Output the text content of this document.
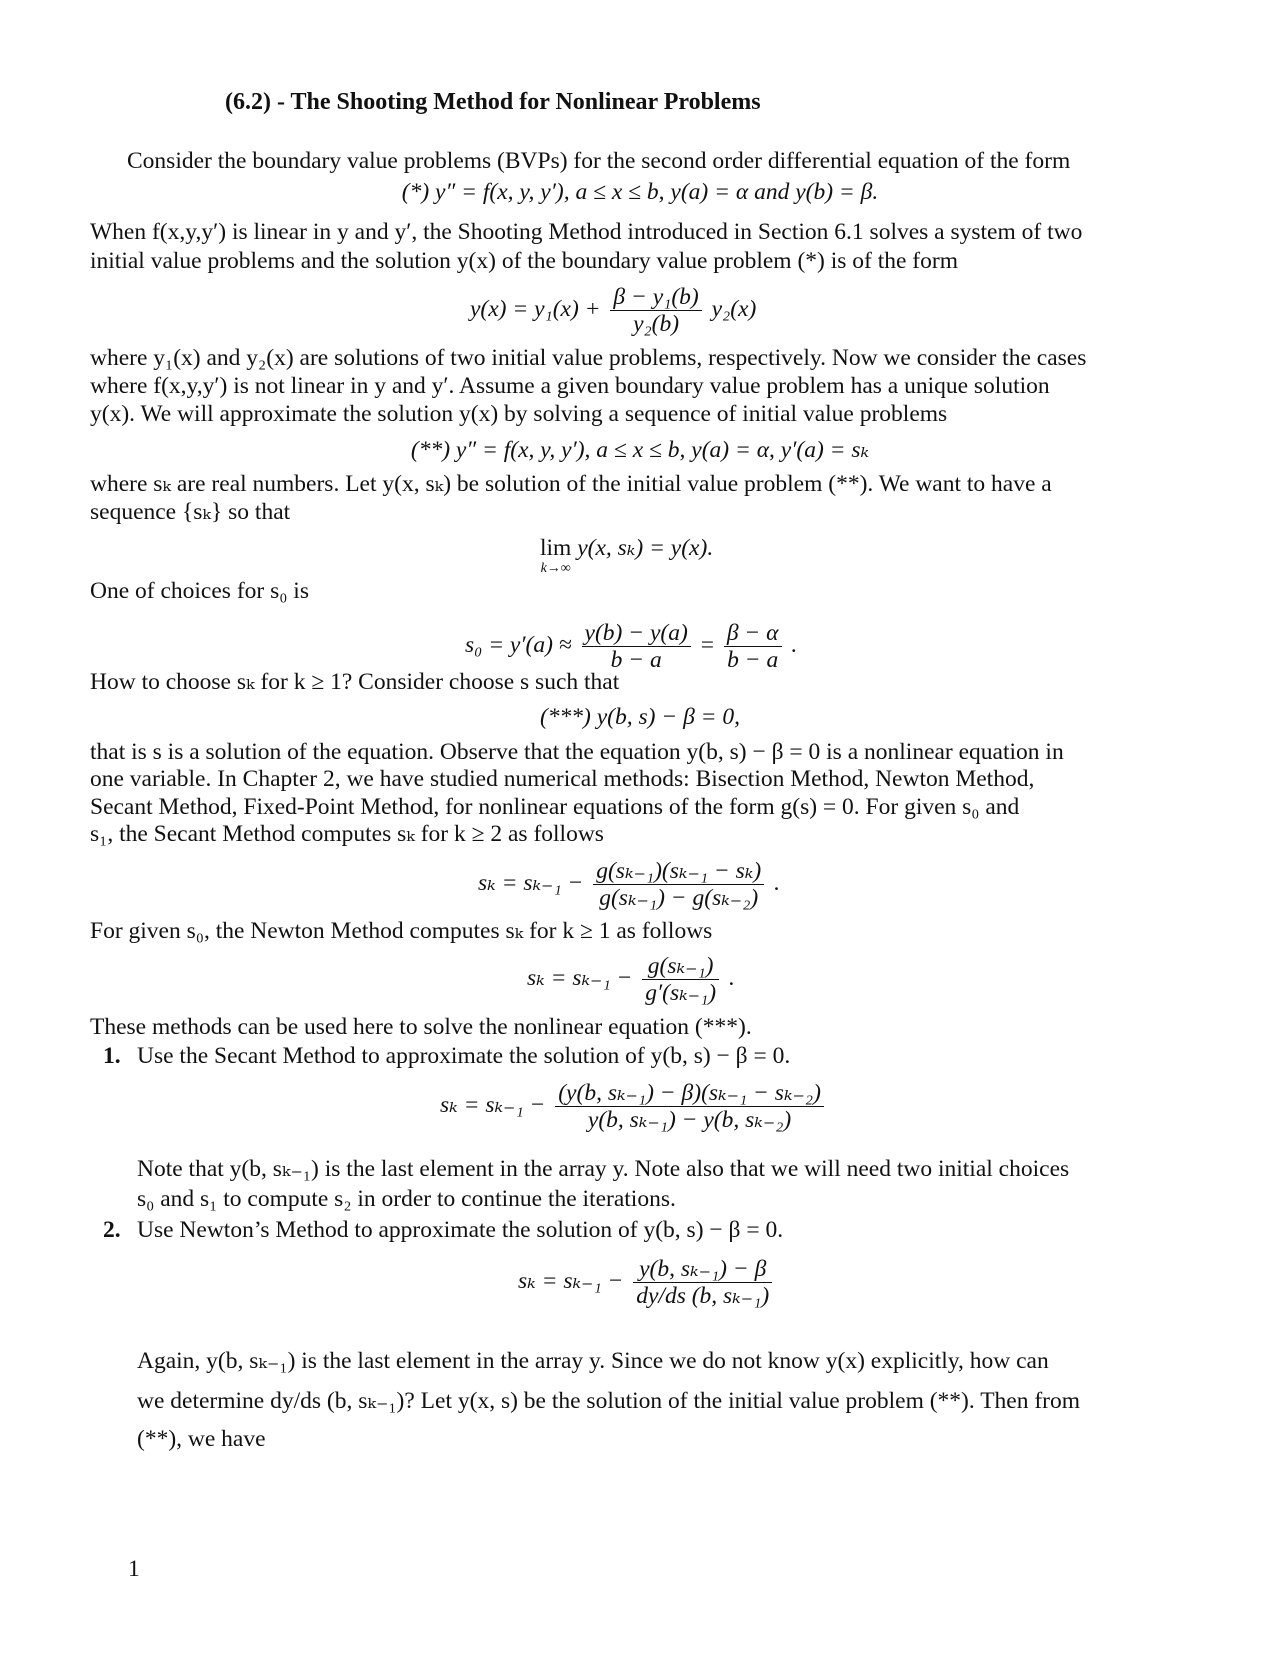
(6.2) - The Shooting Method for Nonlinear Problems
Consider the boundary value problems (BVPs) for the second order differential equation of the form
(*) y″ = f(x, y, y′), a ≤ x ≤ b, y(a) = α and y(b) = β.
When f(x,y,y′) is linear in y and y′, the Shooting Method introduced in Section 6.1 solves a system of two
initial value problems and the solution y(x) of the boundary value problem (*) is of the form
$y(x) = y_1(x) + \frac{\text{β − y₁(b)}}{\text{y₂(b)}} y_2(x)$
where y₁(x) and y₂(x) are solutions of two initial value problems, respectively. Now we consider the cases
where f(x,y,y′) is not linear in y and y′. Assume a given boundary value problem has a unique solution
y(x). We will approximate the solution y(x) by solving a sequence of initial value problems
(**) y″ = f(x, y, y′), a ≤ x ≤ b, y(a) = α, y′(a) = sₖ
where sₖ are real numbers. Let y(x, sₖ) be solution of the initial value problem (**). We want to have a
sequence {sₖ} so that
lim
k→∞
y(x, sₖ) = y(x).
One of choices for s₀ is
$s_0 = y'(a) \approx \frac{y(b) - y(a)}{b - a} = \frac{\beta - \alpha}{b - a}$ .
How to choose sₖ for k ≥ 1? Consider choose s such that
(***) y(b, s) − β = 0,
that is s is a solution of the equation. Observe that the equation y(b, s) − β = 0 is a nonlinear equation in
one variable. In Chapter 2, we have studied numerical methods: Bisection Method, Newton Method,
Secant Method, Fixed-Point Method, for nonlinear equations of the form g(s) = 0. For given s₀ and
s₁, the Secant Method computes sₖ for k ≥ 2 as follows
$s_k = s_{k-1} - \frac{\text{g(sₖ₋₁)(sₖ₋₁ − sₖ)}}{\text{g(sₖ₋₁) − g(sₖ₋₂)}}$ .
For given s₀, the Newton Method computes sₖ for k ≥ 1 as follows
$s_k = s_{k-1} - \frac{\text{g(sₖ₋₁)}}{\text{g′(sₖ₋₁)}}$ .
These methods can be used here to solve the nonlinear equation (***).
1. Use the Secant Method to approximate the solution of y(b, s) − β = 0.
$s_k = s_{k-1} - \frac{\text{(y(b, sₖ₋₁) − β)(sₖ₋₁ − sₖ₋₂)}}{\text{y(b, sₖ₋₁) − y(b, sₖ₋₂)}}$
Note that y(b, sₖ₋₁) is the last element in the array y. Note also that we will need two initial choices
s₀ and s₁ to compute s₂ in order to continue the iterations.
2. Use Newton’s Method to approximate the solution of y(b, s) − β = 0.
$s_k = s_{k-1} - \frac{\text{y(b, sₖ₋₁) − β}}{\text{dy/ds (b, sₖ₋₁)}}$
Again, y(b, sₖ₋₁) is the last element in the array y. Since we do not know y(x) explicitly, how can
we determine dy/ds (b, sₖ₋₁)? Let y(x, s) be the solution of the initial value problem (**). Then from
(**), we have
1
